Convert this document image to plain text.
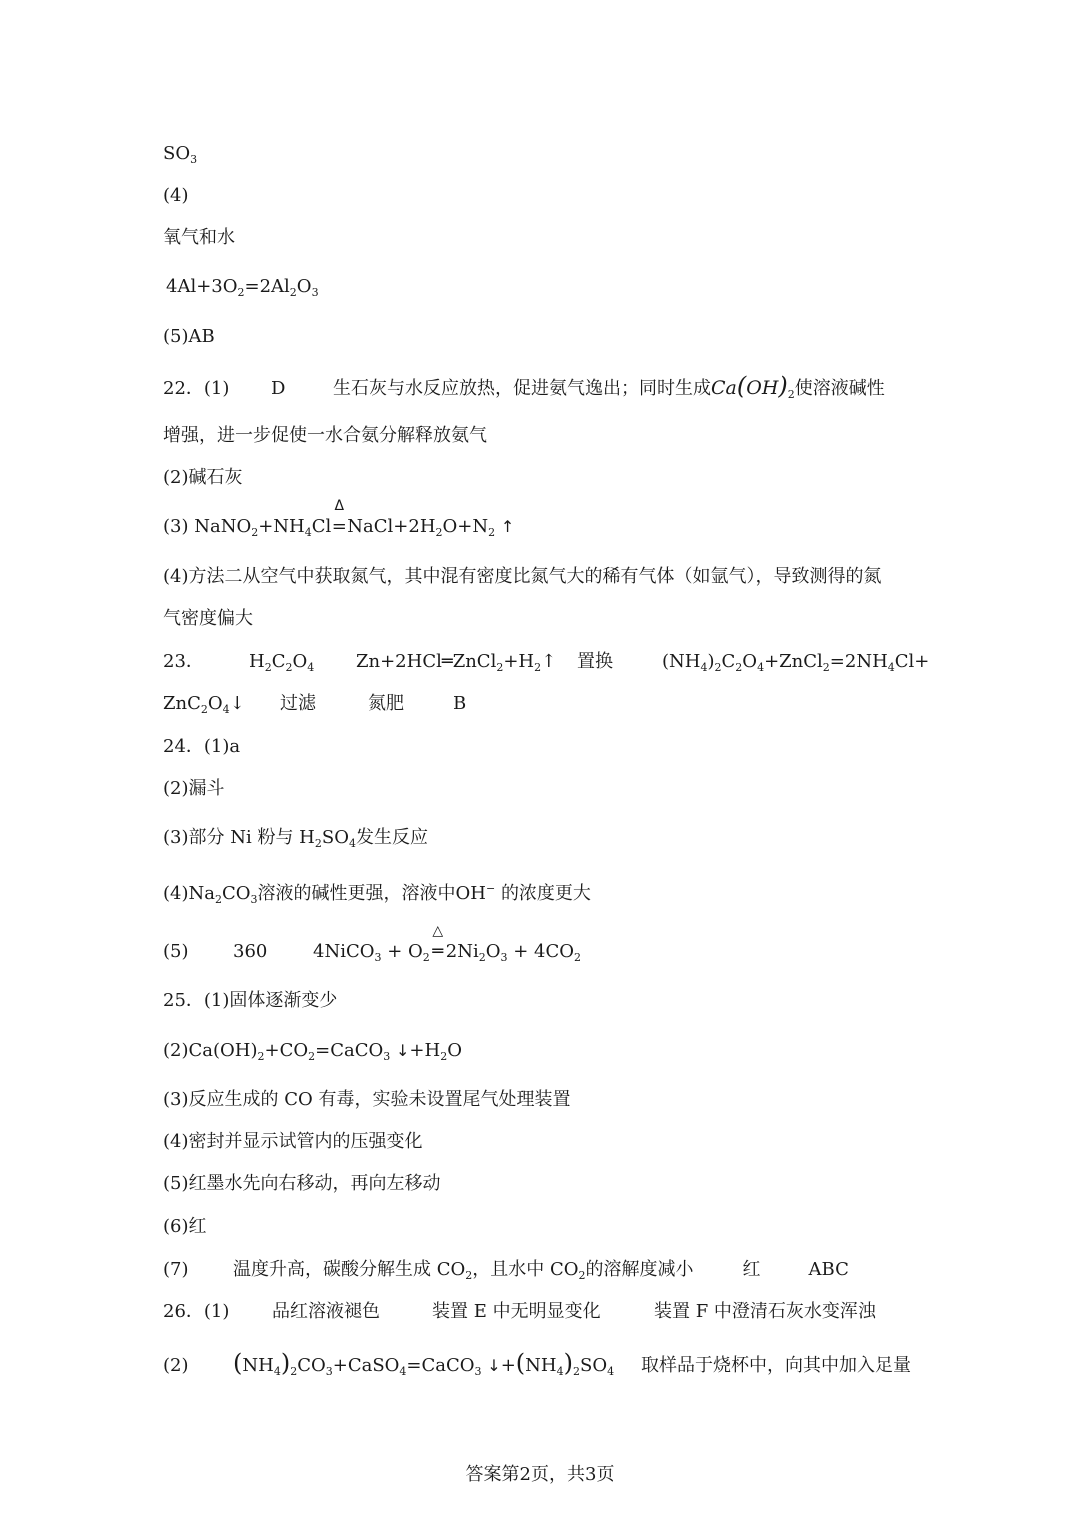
$SO_3$
(4)
氧气和水
$4Al+3O_2=2Al_2O_3$
(5)AB
22．(1) D	生石灰与水反应放热，促进氨气逸出；同时生成$Ca(OH)_2$使溶液碱性
增强，进一步促使一水合氨分解释放氨气
(2)碱石灰
(3) $NaNO_2+NH_4Cl$
Δ
$=NaCl+2H_2O+N_2$ ↑
(4)方法二从空气中获取氮气，其中混有密度比氮气大的稀有气体（如氩气），导致测得的氮
气密度偏大
23．	$H_2C_2O_4$ $Zn+2HCl═ZnCl_2+H_2↑$ 置换	$(NH_4)_2C_2O_4+ZnCl_2=2NH_4Cl+$
$ZnC_2O_4↓$ 过滤	氮肥	B
24．(1)a
(2)漏斗
(3)部分 Ni 粉与 $H_2SO_4$发生反应
$(4)Na_2CO_3$溶液的碱性更强，溶液中OH− 的浓度更大
(5) 360	4NiCO$_3$ + $O_2$
△
═ $2Ni_2O_3 + 4CO_2$
25．(1)固体逐渐变少
$(2)Ca(OH)_2+CO_2=CaCO_3$ $↓+H_2O$
(3)反应生成的 CO 有毒，实验未设置尾气处理装置
(4)密封并显示试管内的压强变化
(5)红墨水先向右移动，再向左移动
(6)红
(7) 温度升高，碳酸分解生成 $CO_2$，且水中 $CO_2$的溶解度减小	红	ABC
26．(1) 品红溶液褪色	装置 E 中无明显变化	装置 F 中澄清石灰水变浑浊
(2) $(NH_4)_2CO_3+CaSO_4=CaCO_3$ $↓+(NH_4)_2SO_4$ 取样品于烧杯中，向其中加入足量
答案第2页，共3页
